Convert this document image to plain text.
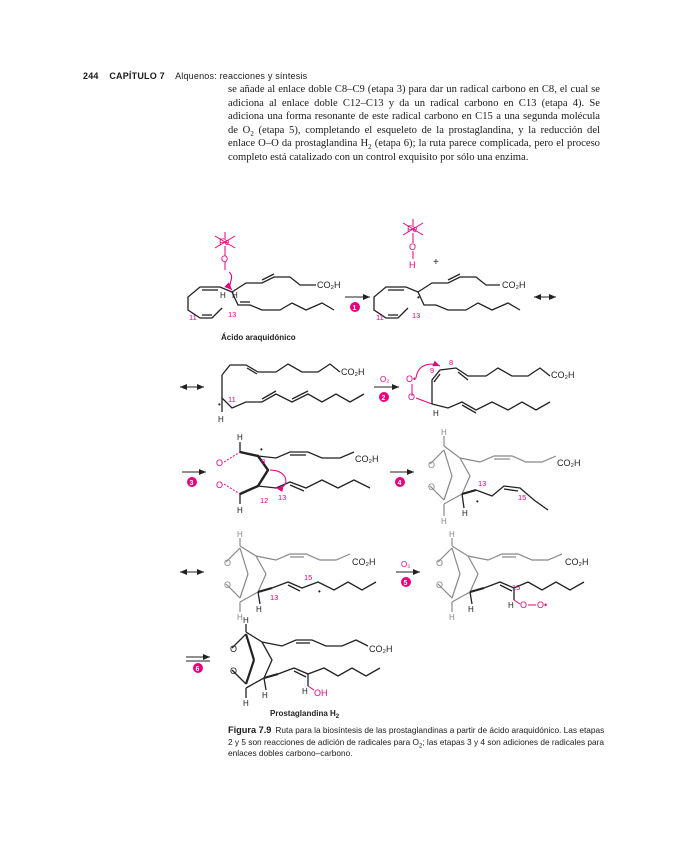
244 CAPÍTULO 7 Alquenos: reacciones y síntesis
se añade al enlace doble C8–C9 (etapa 3) para dar un radical carbono en C8, el cual se adiciona al enlace doble C12–C13 y da un radical carbono en C13 (etapa 4). Se adiciona una forma resonante de este radical carbono en C15 a una segunda molécula de $O_2$ (etapa 5), completando el esqueleto de la prostaglandina, y la reducción del enlace O–O da prostaglandina $H_2$ (etapa 6); la ruta parece complicada, pero el proceso completo está catalizado con un control exquisito por sólo una enzima.
Fe
O
CO₂H
H H
11	13
Ácido araquidónico
1
Fe
O
H +
CO₂H
•
11	13
CO₂H
11
•
H
O₂
2
O•
O
CO₂H
8
9
H
3
O
O
CO₂H
H
H
•
8
12 13
4
CO₂H
O
O
H
H
H
13
15
•
CO₂H
O
O
H
H
H
13
15
•
O₂
5
CO₂H
O
O
H
H
H	H
15
O O•
6
CO₂H
O
O
H
H
H	H OH
Prostaglandina $H_2$
Figura 7.9 Ruta para la biosíntesis de las prostaglandinas a partir de ácido araquidónico. Las etapas 2 y 5 son reacciones de adición de radicales para $O_2$; las etapas 3 y 4 son adiciones de radicales para enlaces dobles carbono–carbono.
